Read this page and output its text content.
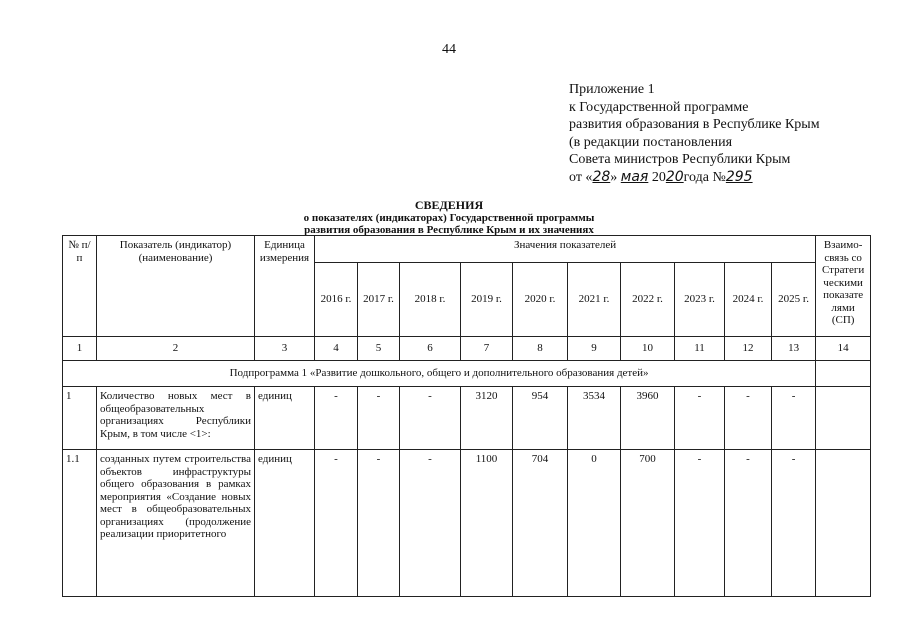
44
Приложение 1
к Государственной программе
развития образования в Республике Крым
(в редакции постановления
Совета министров Республики Крым
от «28» мая 2020года №295
СВЕДЕНИЯ
о показателях (индикаторах) Государственной программы
развития образования в Республике Крым и их значениях
№ п/п	Показатель (индикатор) (наименование)	Единица измерения	Значения показателей										Взаимо-связь со Стратеги ческими показате лями (СП)
			2016 г.	2017 г.	2018 г.	2019 г.	2020 г.	2021 г.	2022 г.	2023 г.	2024 г.	2025 г.	
1	2	3	4	5	6	7	8	9	10	11	12	13	14
Подпрограмма 1 «Развитие дошкольного, общего и дополнительного образования детей»													
1	Количество новых мест в общеобразовательных организациях Республики Крым, в том числе <1>:	единиц	-	-	-	3120	954	3534	3960	-	-	-	
1.1	созданных путем строительства объектов инфраструктуры общего образования в рамках мероприятия «Создание новых мест в общеобразовательных организациях (продолжение реализации приоритетного	единиц	-	-	-	1100	704	0	700	-	-	-	
